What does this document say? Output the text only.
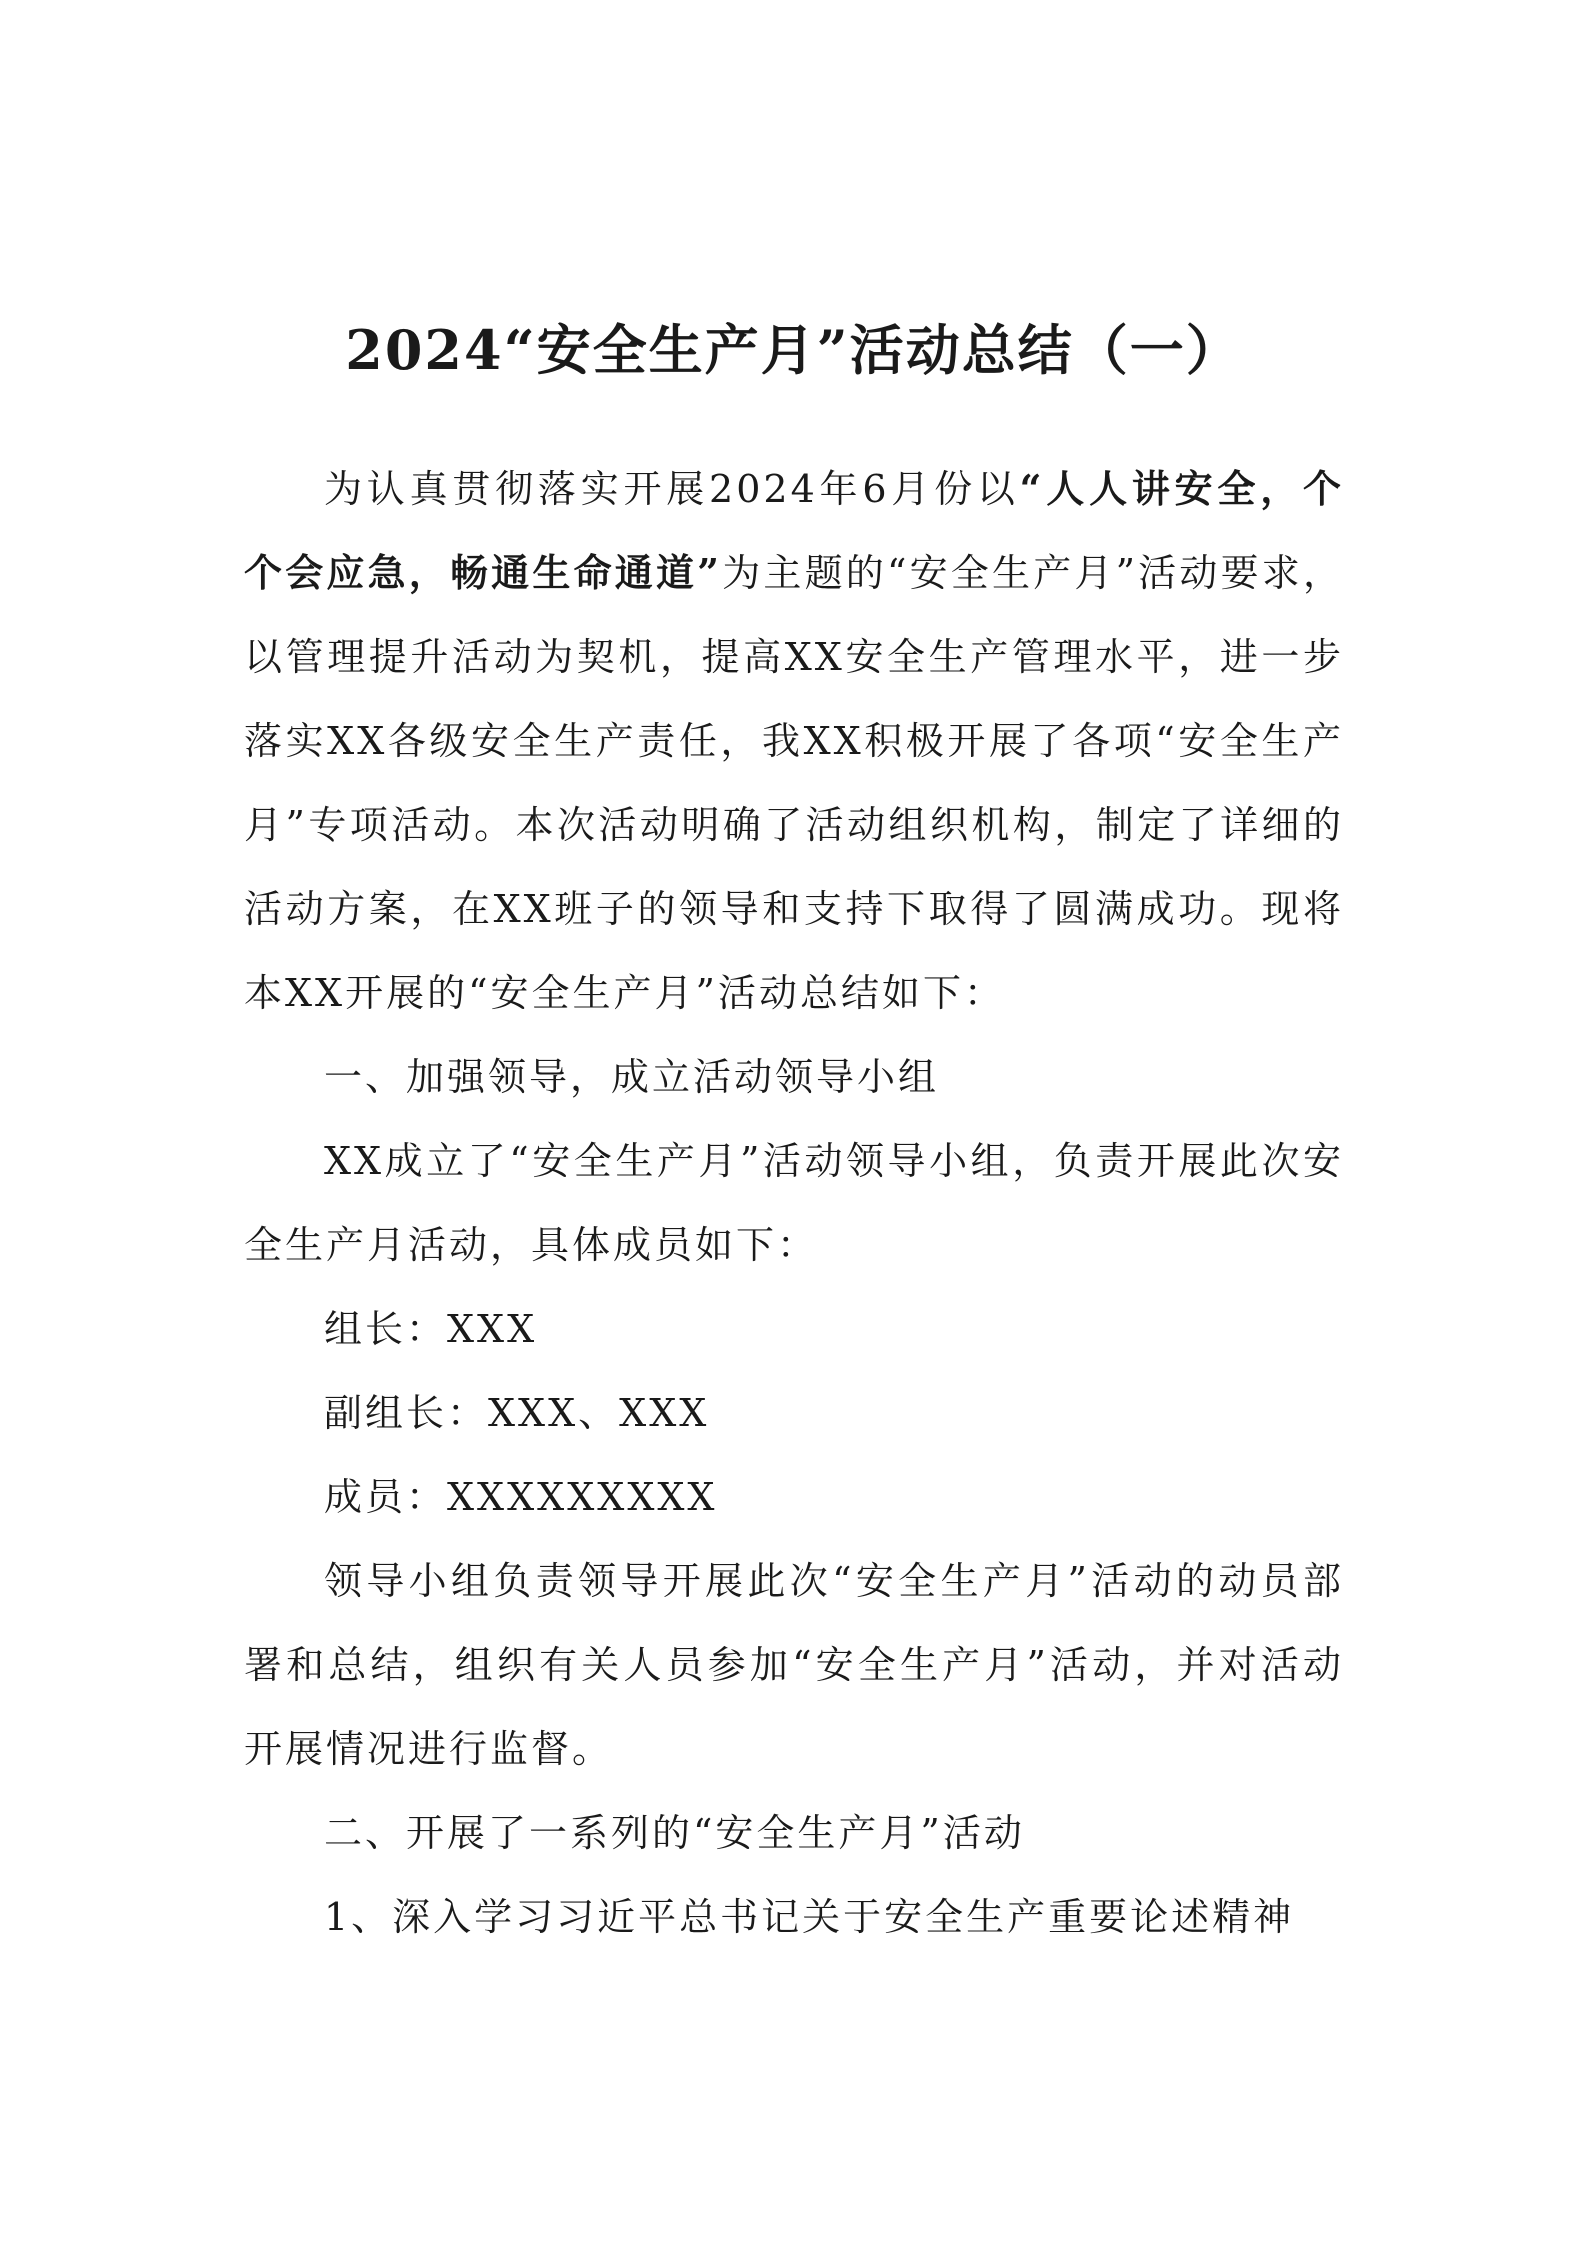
2024“安全生产月”活动总结（一）

为认真贯彻落实开展2024年6月份以“人人讲安全，个个会应急，畅通生命通道”为主题的“安全生产月”活动要求，以管理提升活动为契机，提高XX安全生产管理水平，进一步落实XX各级安全生产责任，我XX积极开展了各项“安全生产月”专项活动。本次活动明确了活动组织机构，制定了详细的活动方案，在XX班子的领导和支持下取得了圆满成功。现将本XX开展的“安全生产月”活动总结如下：

一、加强领导，成立活动领导小组

XX成立了“安全生产月”活动领导小组，负责开展此次安全生产月活动，具体成员如下：

组长：XXX

副组长：XXX、XXX

成员：XXXXXXXXX

领导小组负责领导开展此次“安全生产月”活动的动员部署和总结，组织有关人员参加“安全生产月”活动，并对活动开展情况进行监督。

二、开展了一系列的“安全生产月”活动

1、深入学习习近平总书记关于安全生产重要论述精神
